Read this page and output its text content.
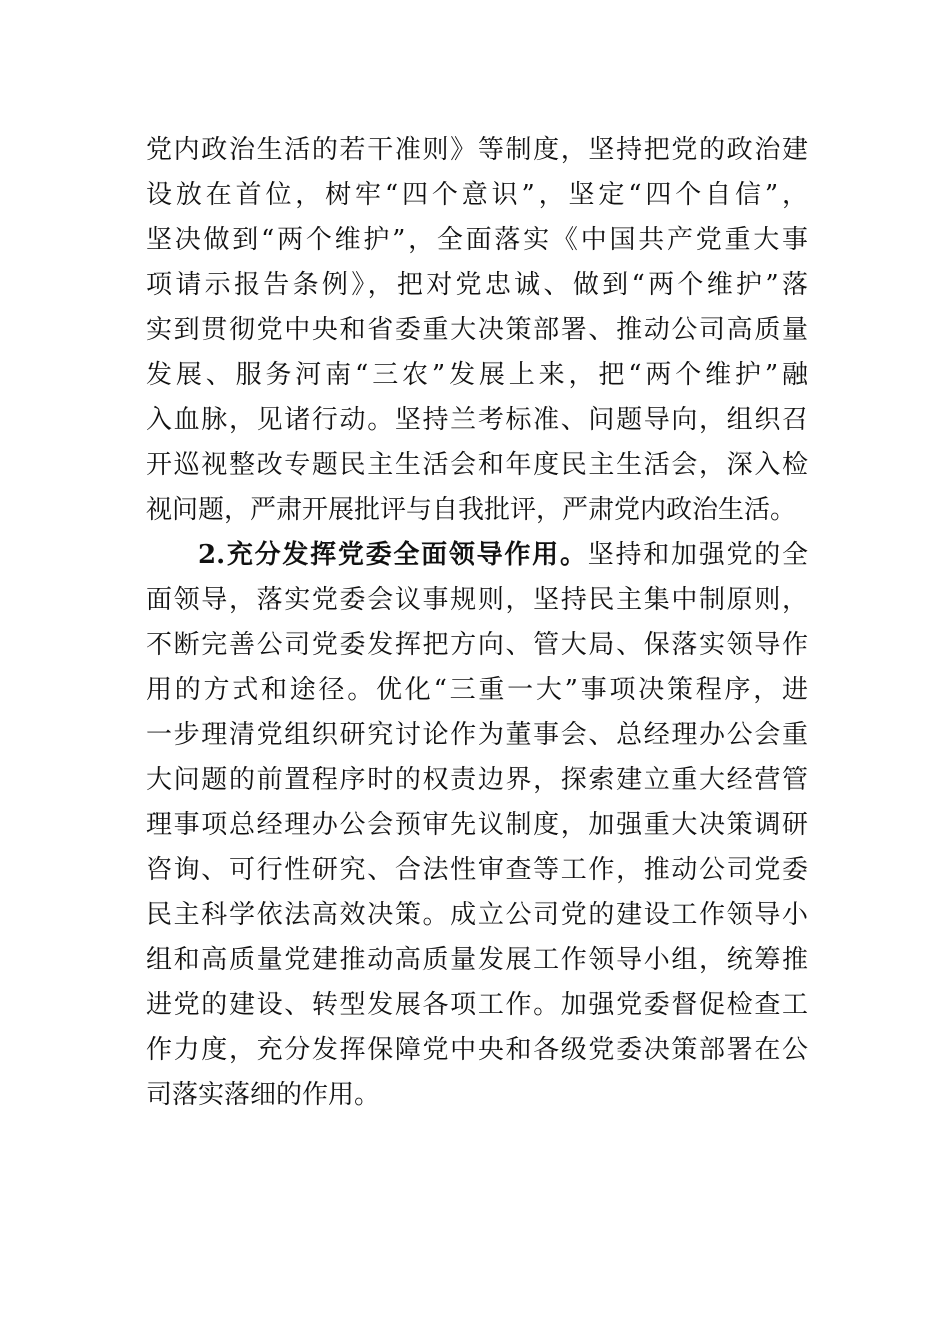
党内政治生活的若干准则》等制度，坚持把党的政治建
设放在首位，树牢“四个意识”，坚定“四个自信”，
坚决做到“两个维护”，全面落实《中国共产党重大事
项请示报告条例》，把对党忠诚、做到“两个维护”落
实到贯彻党中央和省委重大决策部署、推动公司高质量
发展、服务河南“三农”发展上来，把“两个维护”融
入血脉，见诸行动。坚持兰考标准、问题导向，组织召
开巡视整改专题民主生活会和年度民主生活会，深入检
视问题，严肃开展批评与自我批评，严肃党内政治生活。
2.充分发挥党委全面领导作用。坚持和加强党的全
面领导，落实党委会议事规则，坚持民主集中制原则，
不断完善公司党委发挥把方向、管大局、保落实领导作
用的方式和途径。优化“三重一大”事项决策程序，进
一步理清党组织研究讨论作为董事会、总经理办公会重
大问题的前置程序时的权责边界，探索建立重大经营管
理事项总经理办公会预审先议制度，加强重大决策调研
咨询、可行性研究、合法性审查等工作，推动公司党委
民主科学依法高效决策。成立公司党的建设工作领导小
组和高质量党建推动高质量发展工作领导小组，统筹推
进党的建设、转型发展各项工作。加强党委督促检查工
作力度，充分发挥保障党中央和各级党委决策部署在公
司落实落细的作用。
